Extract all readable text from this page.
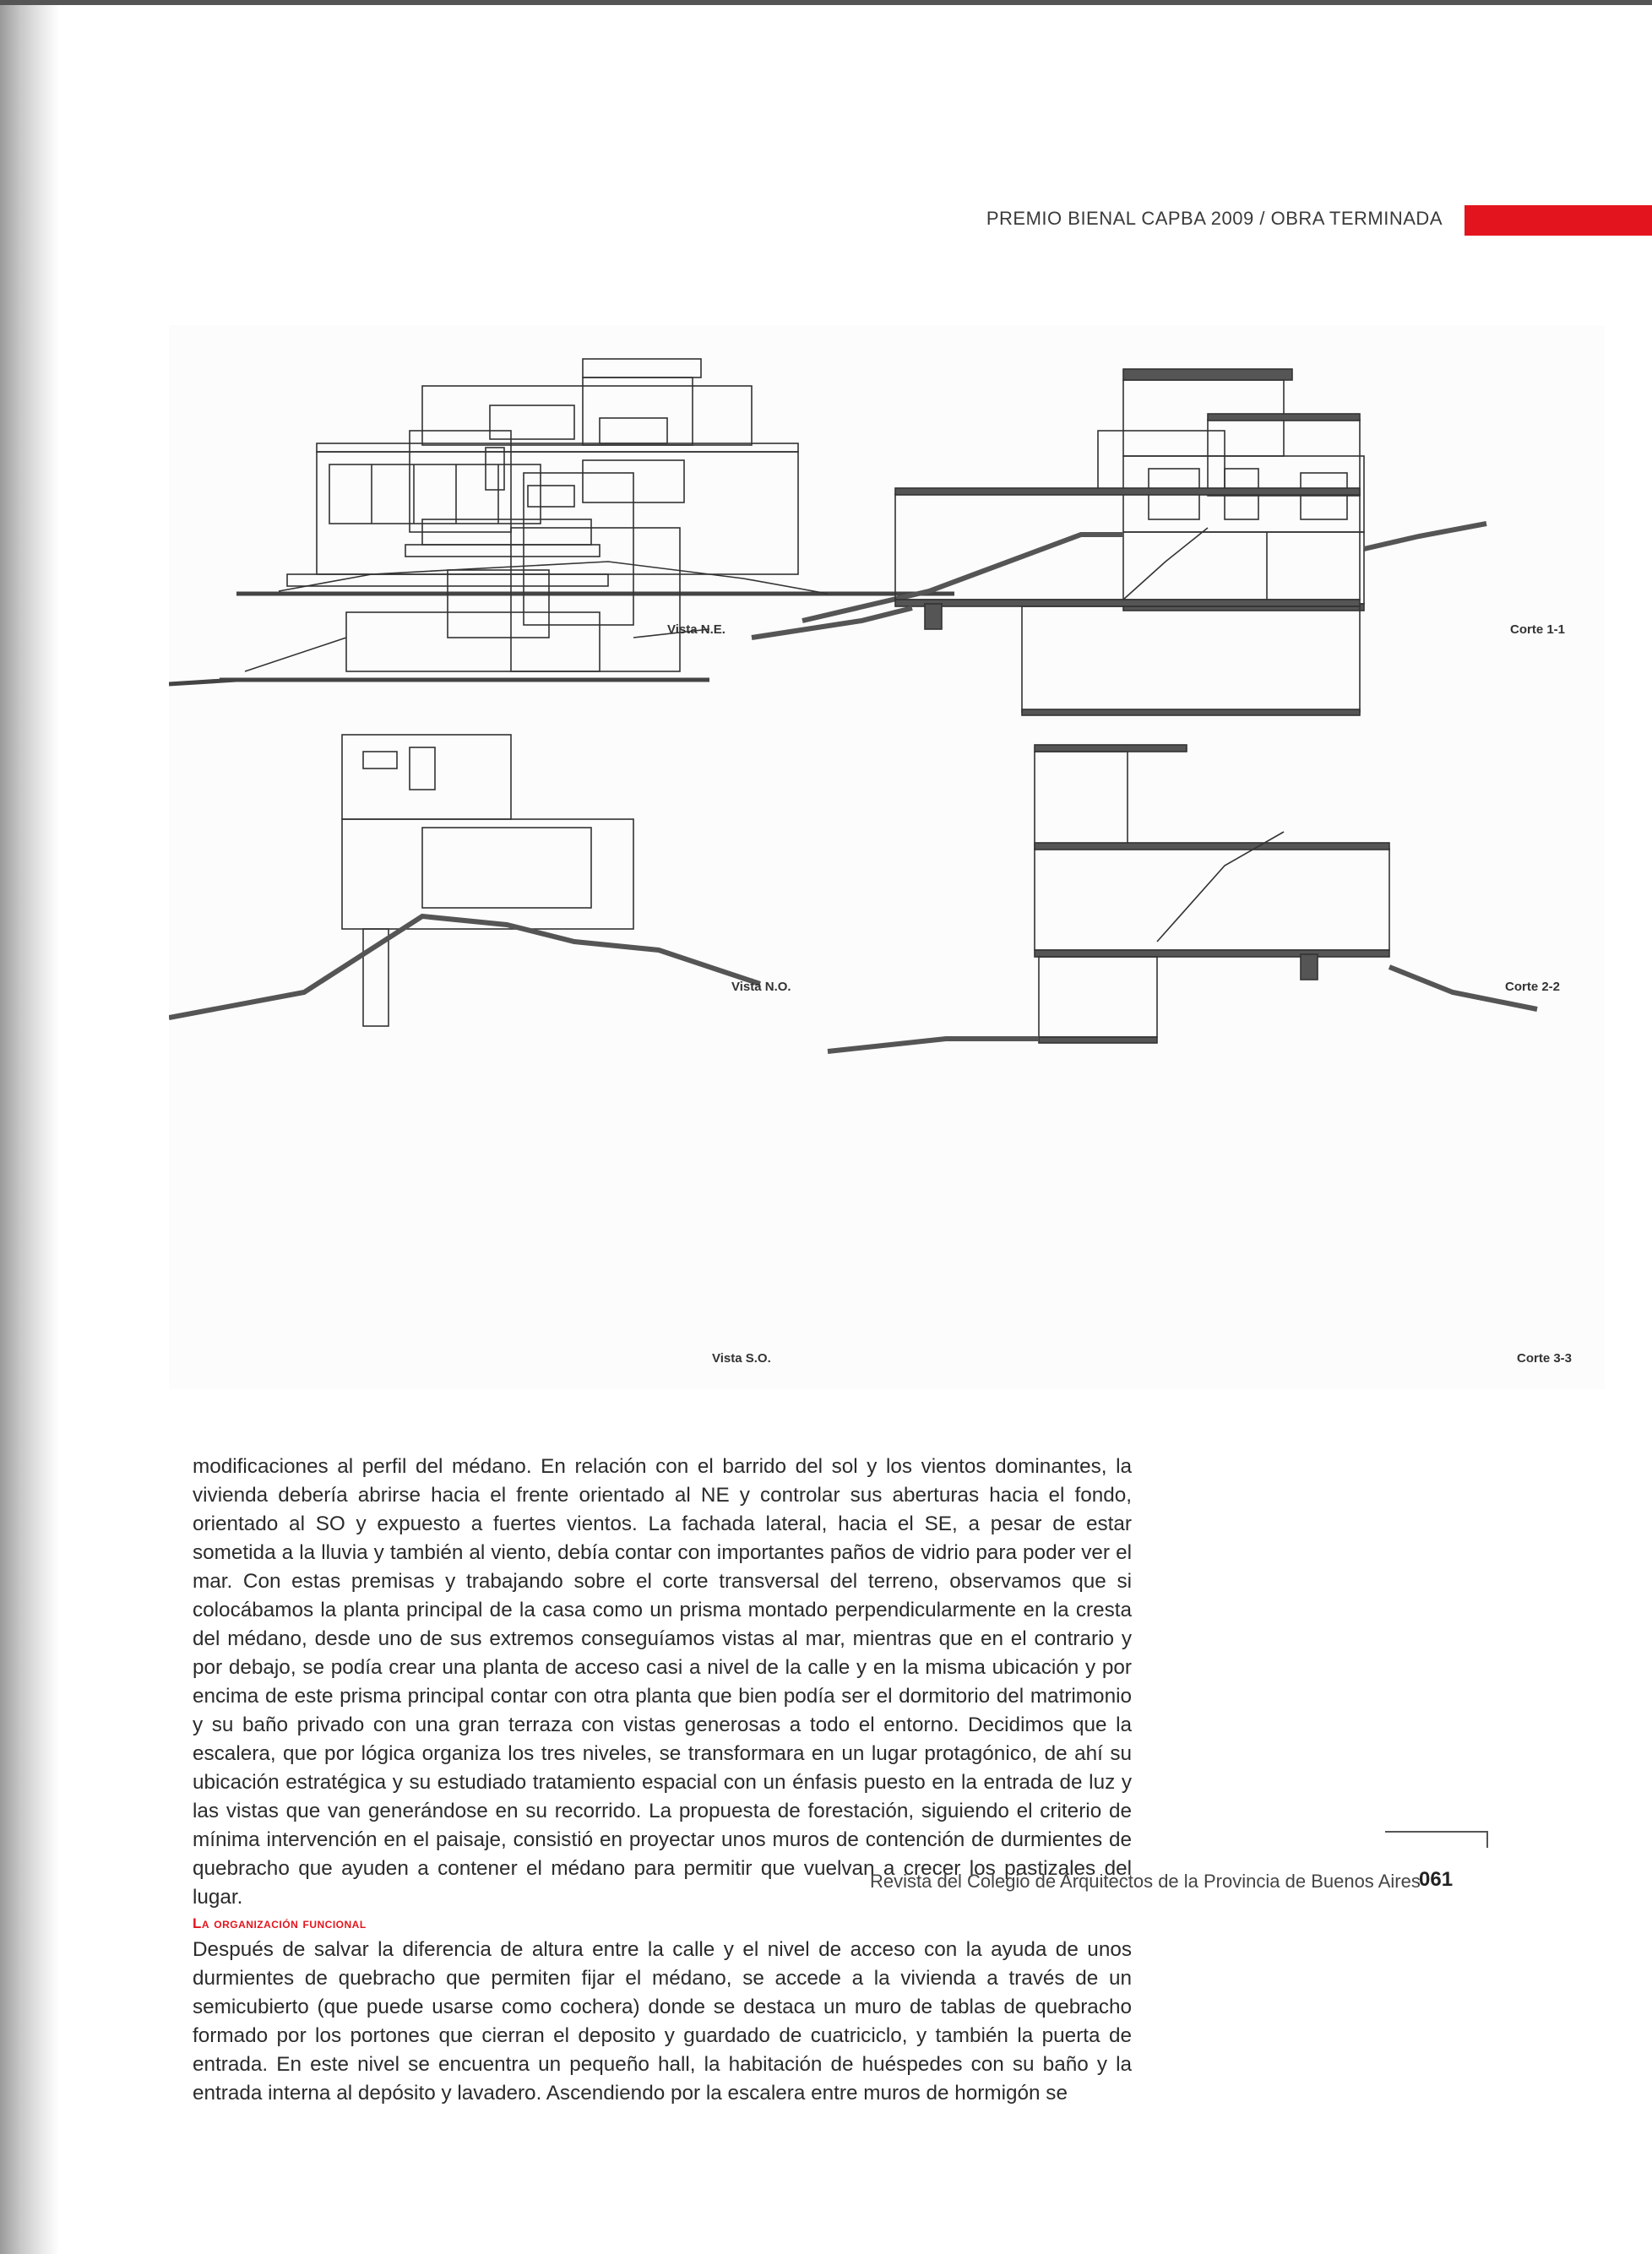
PREMIO BIENAL CAPBA 2009 / OBRA TERMINADA
Vista N.E.	Corte 1-1
Vista N.O.	Corte 2-2
Vista S.O.	Corte 3-3

modificaciones al perfil del médano. En relación con el barrido del sol y los vientos dominantes, la vivienda debería abrirse hacia el frente orientado al NE y controlar sus aberturas hacia el fondo, orientado al SO y expuesto a fuertes vientos. La fachada lateral, hacia el SE, a pesar de estar sometida a la lluvia y también al viento, debía contar con importantes paños de vidrio para poder ver el mar. Con estas premisas y trabajando sobre el corte transversal del terreno, observamos que si colocábamos la planta principal de la casa como un prisma montado perpendicularmente en la cresta del médano, desde uno de sus extremos conseguíamos vistas al mar, mientras que en el contrario y por debajo, se podía crear una planta de acceso casi a nivel de la calle y en la misma ubicación y por encima de este prisma principal contar con otra planta que bien podía ser el dormitorio del matrimonio y su baño privado con una gran terraza con vistas generosas a todo el entorno. Decidimos que la escalera, que por lógica organiza los tres niveles, se transformara en un lugar protagónico, de ahí su ubicación estratégica y su estudiado tratamiento espacial con un énfasis puesto en la entrada de luz y las vistas que van generándose en su recorrido. La propuesta de forestación, siguiendo el criterio de mínima intervención en el paisaje, consistió en proyectar unos muros de contención de durmientes de quebracho que ayuden a contener el médano para permitir que vuelvan a crecer los pastizales del lugar.

La organización funcional

Después de salvar la diferencia de altura entre la calle y el nivel de acceso con la ayuda de unos durmientes de quebracho que permiten fijar el médano, se accede a la vivienda a través de un semicubierto (que puede usarse como cochera) donde se destaca un muro de tablas de quebracho formado por los portones que cierran el deposito y guardado de cuatriciclo, y también la puerta de entrada. En este nivel se encuentra un pequeño hall, la habitación de huéspedes con su baño y la entrada interna al depósito y lavadero. Ascendiendo por la escalera entre muros de hormigón se

Revista del Colegio de Arquitectos de la Provincia de Buenos Aires
061
